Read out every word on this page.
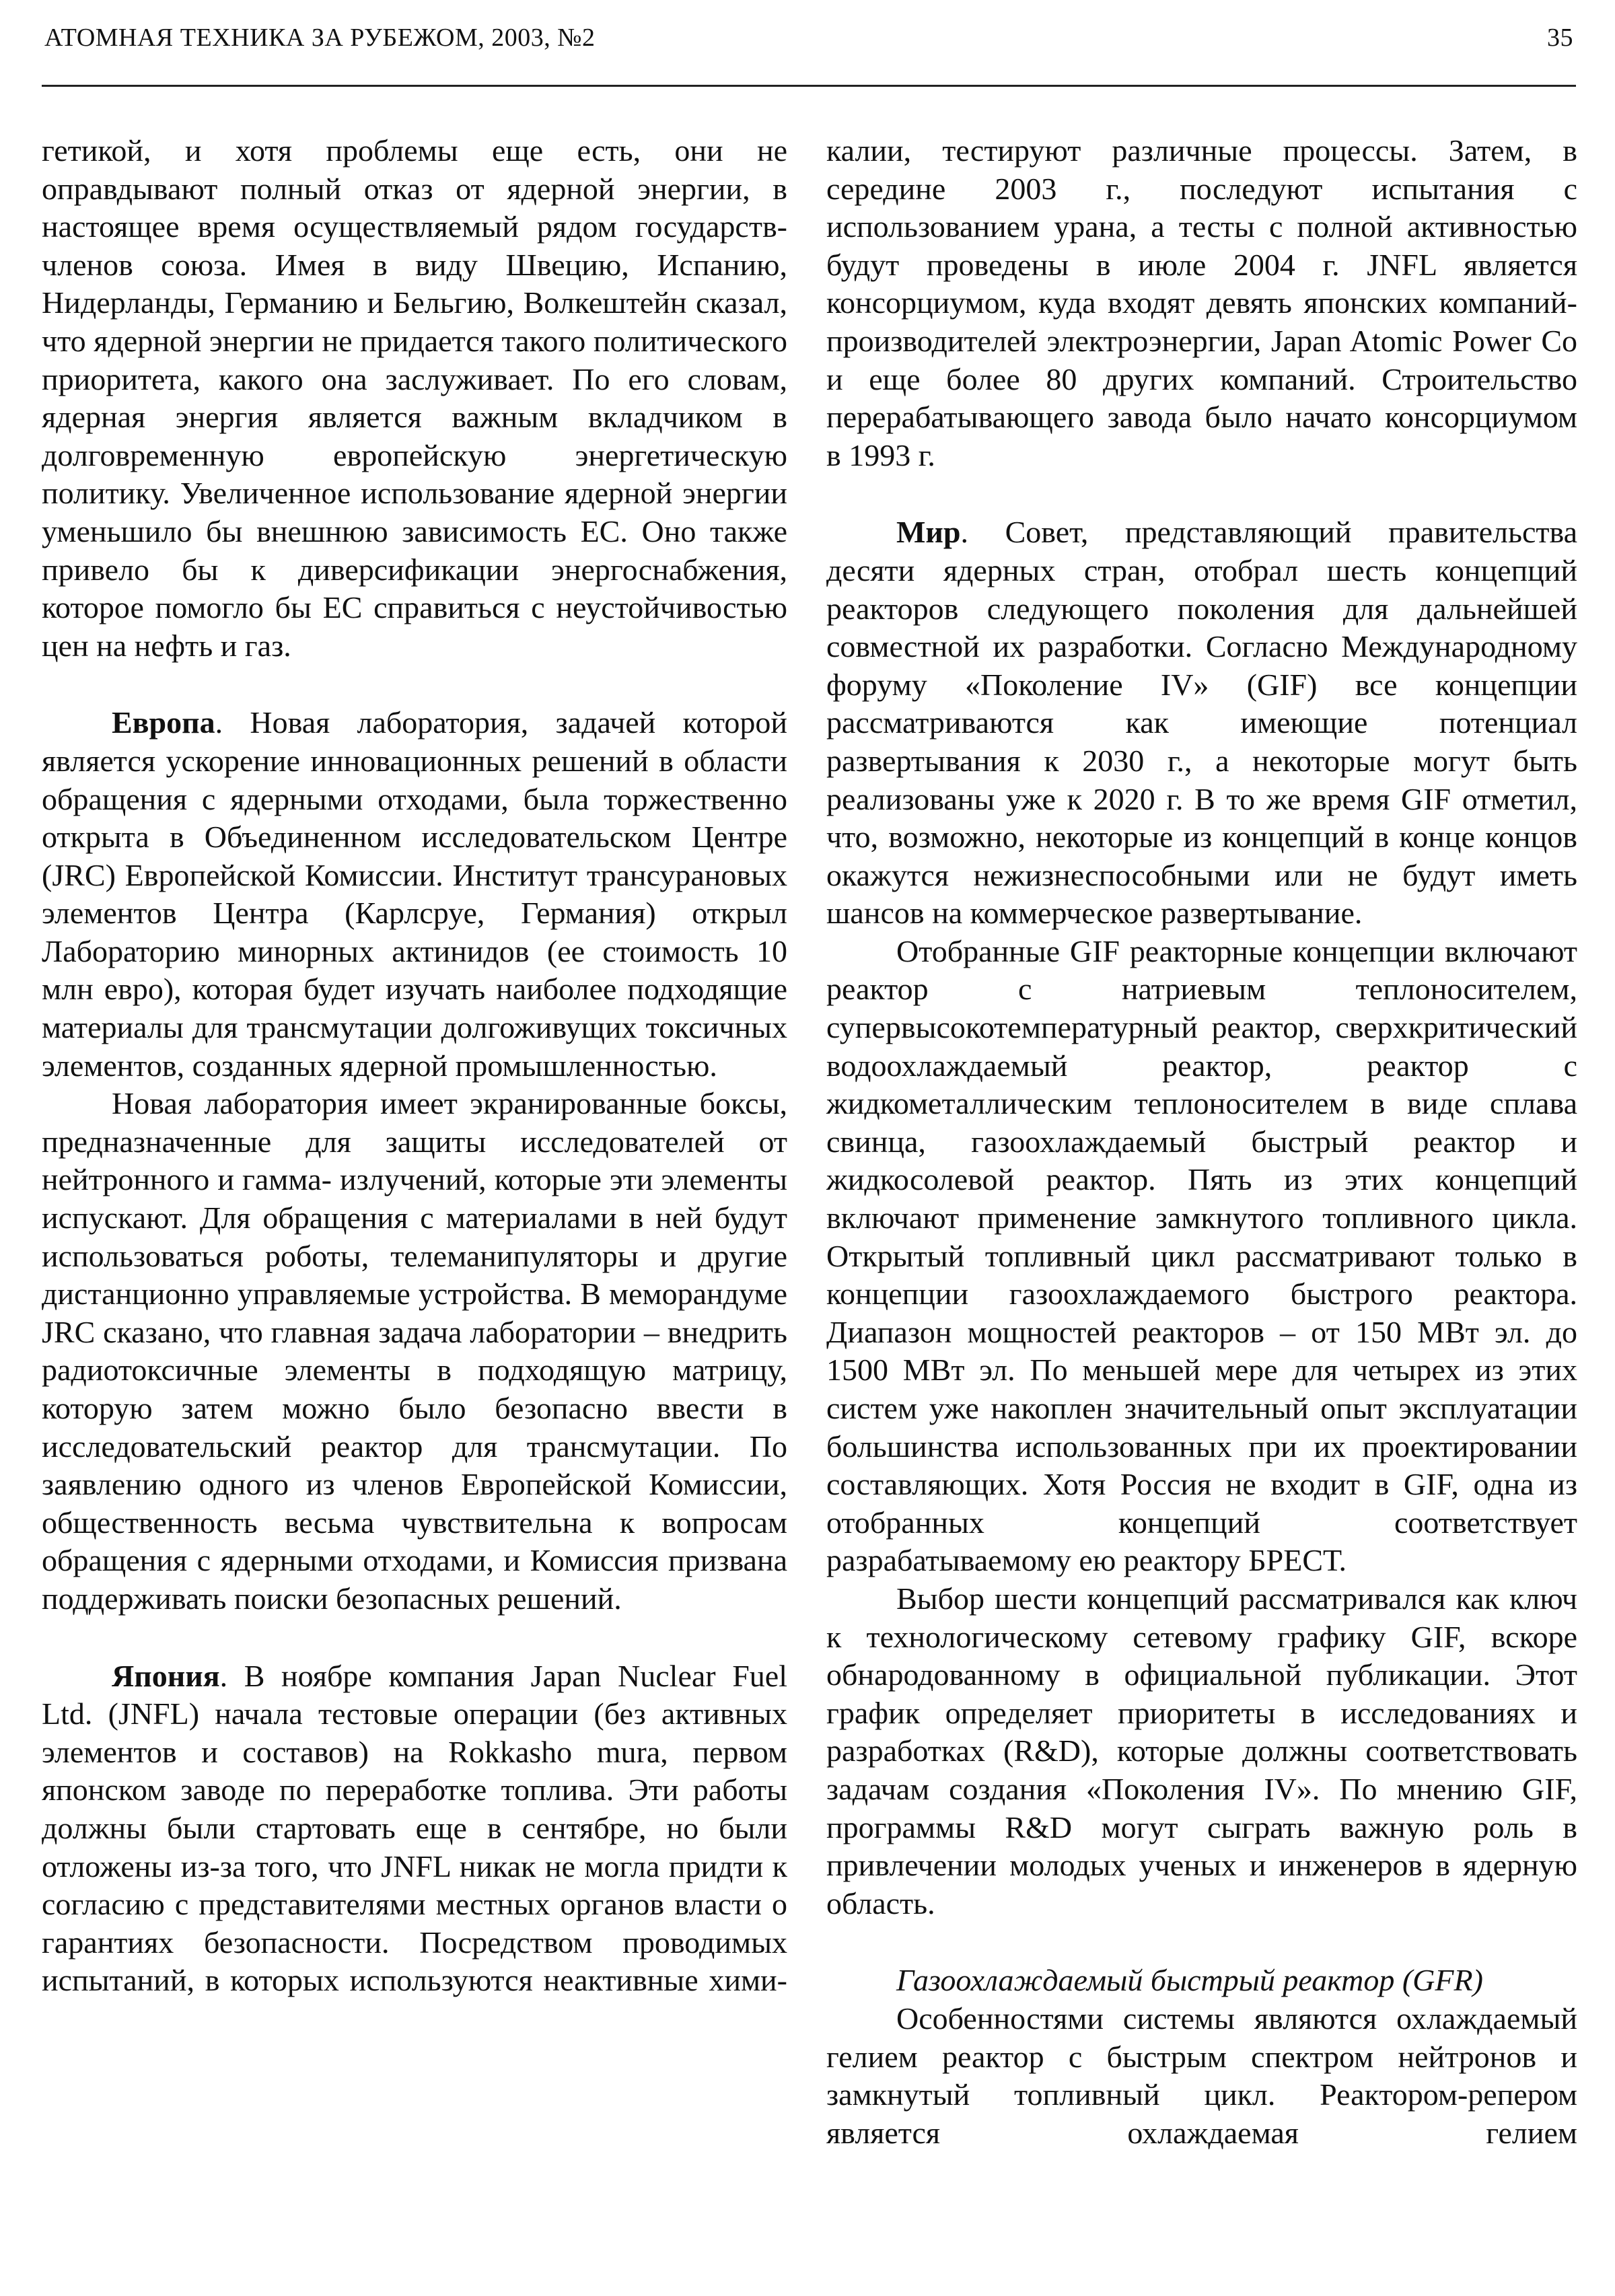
АТОМНАЯ ТЕХНИКА ЗА РУБЕЖОМ, 2003, №2	35

гетикой, и хотя проблемы еще есть, они не оправдывают полный отказ от ядерной энергии, в настоящее время осуществляемый рядом государств-членов союза. Имея в виду Швецию, Испанию, Нидерланды, Германию и Бельгию, Волкештейн сказал, что ядерной энергии не придается такого политического приоритета, какого она заслуживает. По его словам, ядерная энергия является важным вкладчиком в долговременную европейскую энергетическую политику. Увеличенное использование ядерной энергии уменьшило бы внешнюю зависимость ЕС. Оно также привело бы к диверсификации энергоснабжения, которое помогло бы ЕС справиться с неустойчивостью цен на нефть и газ.

Европа. Новая лаборатория, задачей которой является ускорение инновационных решений в области обращения с ядерными отходами, была торжественно открыта в Объединенном исследовательском Центре (JRC) Европейской Комиссии. Институт трансурановых элементов Центра (Карлсруе, Германия) открыл Лабораторию минорных актинидов (ее стоимость 10 млн евро), которая будет изучать наиболее подходящие материалы для трансмутации долгоживущих токсичных элементов, созданных ядерной промышленностью.

Новая лаборатория имеет экранированные боксы, предназначенные для защиты исследователей от нейтронного и гамма- излучений, которые эти элементы испускают. Для обращения с материалами в ней будут использоваться роботы, телеманипуляторы и другие дистанционно управляемые устройства. В меморандуме JRC сказано, что главная задача лаборатории – внедрить радиотоксичные элементы в подходящую матрицу, которую затем можно было безопасно ввести в исследовательский реактор для трансмутации. По заявлению одного из членов Европейской Комиссии, общественность весьма чувствительна к вопросам обращения с ядерными отходами, и Комиссия призвана поддерживать поиски безопасных решений.

Япония. В ноябре компания Japan Nuclear Fuel Ltd. (JNFL) начала тестовые операции (без активных элементов и составов) на Rokkasho mura, первом японском заводе по переработке топлива. Эти работы должны были стартовать еще в сентябре, но были отложены из-за того, что JNFL никак не могла придти к согласию с представителями местных органов власти о гарантиях безопасности. Посредством проводимых испытаний, в которых используются неактивные хими-

калии, тестируют различные процессы. Затем, в середине 2003 г., последуют испытания с использованием урана, а тесты с полной активностью будут проведены в июле 2004 г. JNFL является консорциумом, куда входят девять японских компаний-производителей электроэнергии, Japan Atomic Power Co и еще более 80 других компаний. Строительство перерабатывающего завода было начато консорциумом в 1993 г.

Мир. Совет, представляющий правительства десяти ядерных стран, отобрал шесть концепций реакторов следующего поколения для дальнейшей совместной их разработки. Согласно Международному форуму «Поколение IV» (GIF) все концепции рассматриваются как имеющие потенциал развертывания к 2030 г., а некоторые могут быть реализованы уже к 2020 г. В то же время GIF отметил, что, возможно, некоторые из концепций в конце концов окажутся нежизнеспособными или не будут иметь шансов на коммерческое развертывание.

Отобранные GIF реакторные концепции включают реактор с натриевым теплоносителем, супервысокотемпературный реактор, сверхкритический водоохлаждаемый реактор, реактор с жидкометаллическим теплоносителем в виде сплава свинца, газоохлаждаемый быстрый реактор и жидкосолевой реактор. Пять из этих концепций включают применение замкнутого топливного цикла. Открытый топливный цикл рассматривают только в концепции газоохлаждаемого быстрого реактора. Диапазон мощностей реакторов – от 150 МВт эл. до 1500 МВт эл. По меньшей мере для четырех из этих систем уже накоплен значительный опыт эксплуатации большинства использованных при их проектировании составляющих. Хотя Россия не входит в GIF, одна из отобранных концепций соответствует разрабатываемому ею реактору БРЕСТ.

Выбор шести концепций рассматривался как ключ к технологическому сетевому графику GIF, вскоре обнародованному в официальной публикации. Этот график определяет приоритеты в исследованиях и разработках (R&D), которые должны соответствовать задачам создания «Поколения IV». По мнению GIF, программы R&D могут сыграть важную роль в привлечении молодых ученых и инженеров в ядерную область.

Газоохлаждаемый быстрый реактор (GFR)

Особенностями системы являются охлаждаемый гелием реактор с быстрым спектром нейтронов и замкнутый топливный цикл. Реактором-репером является охлаждаемая гелием
